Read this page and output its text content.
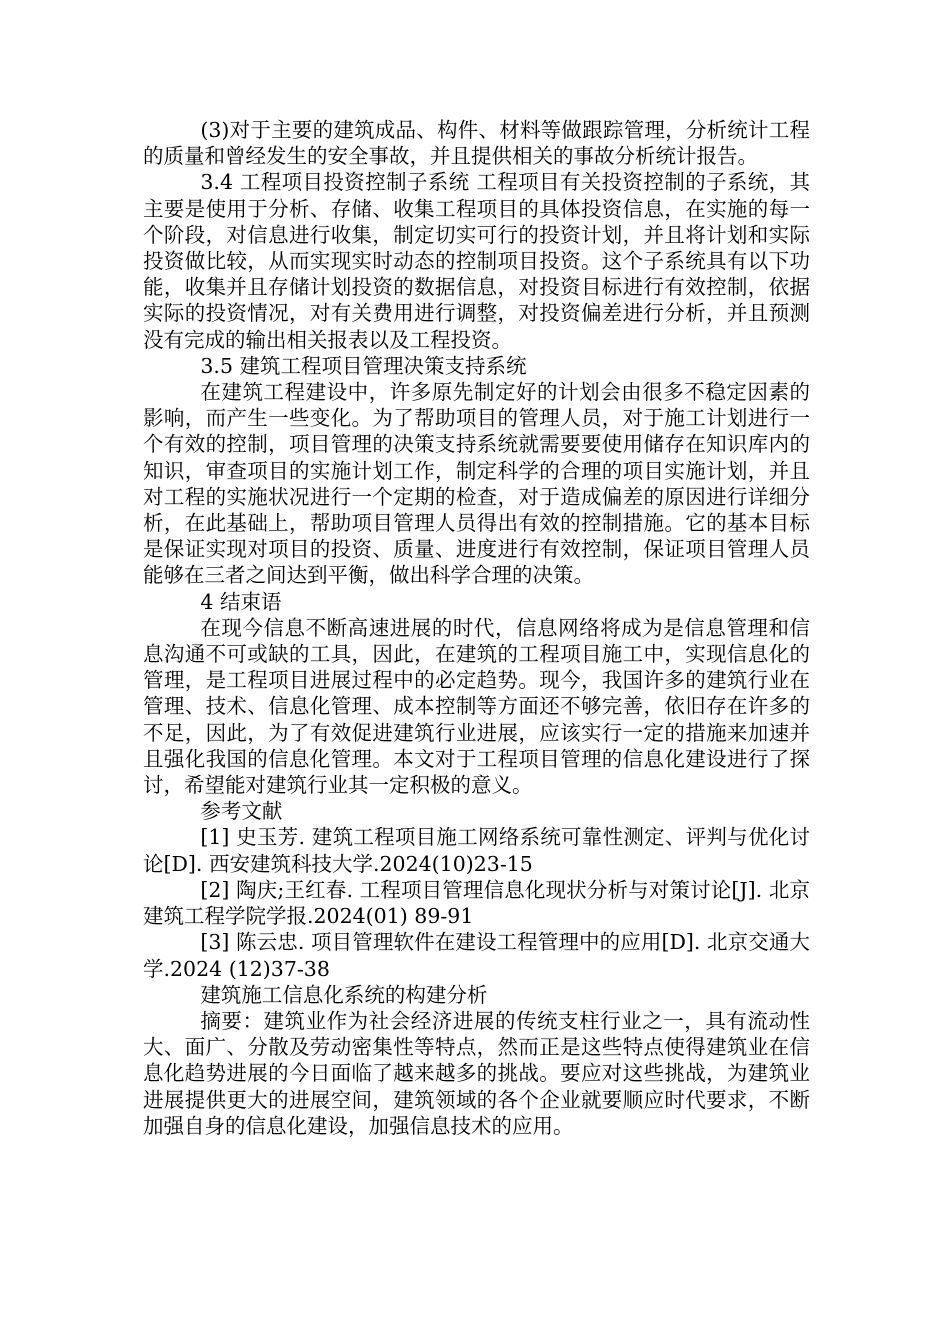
(3)对于主要的建筑成品、构件、材料等做跟踪管理，分析统计工程的质量和曾经发生的安全事故，并且提供相关的事故分析统计报告。

3.4 工程项目投资控制子系统 工程项目有关投资控制的子系统，其主要是使用于分析、存储、收集工程项目的具体投资信息，在实施的每一个阶段，对信息进行收集，制定切实可行的投资计划，并且将计划和实际投资做比较，从而实现实时动态的控制项目投资。这个子系统具有以下功能，收集并且存储计划投资的数据信息，对投资目标进行有效控制，依据实际的投资情况，对有关费用进行调整，对投资偏差进行分析，并且预测没有完成的输出相关报表以及工程投资。

3.5 建筑工程项目管理决策支持系统

在建筑工程建设中，许多原先制定好的计划会由很多不稳定因素的影响，而产生一些变化。为了帮助项目的管理人员，对于施工计划进行一个有效的控制，项目管理的决策支持系统就需要要使用储存在知识库内的知识，审查项目的实施计划工作，制定科学的合理的项目实施计划，并且对工程的实施状况进行一个定期的检查，对于造成偏差的原因进行详细分析，在此基础上，帮助项目管理人员得出有效的控制措施。它的基本目标是保证实现对项目的投资、质量、进度进行有效控制，保证项目管理人员能够在三者之间达到平衡，做出科学合理的决策。

4 结束语

在现今信息不断高速进展的时代，信息网络将成为是信息管理和信息沟通不可或缺的工具，因此，在建筑的工程项目施工中，实现信息化的管理，是工程项目进展过程中的必定趋势。现今，我国许多的建筑行业在管理、技术、信息化管理、成本控制等方面还不够完善，依旧存在许多的不足，因此，为了有效促进建筑行业进展，应该实行一定的措施来加速并且强化我国的信息化管理。本文对于工程项目管理的信息化建设进行了探讨，希望能对建筑行业其一定积极的意义。

参考文献

[1] 史玉芳. 建筑工程项目施工网络系统可靠性测定、评判与优化讨论[D]. 西安建筑科技大学.2024(10)23-15

[2] 陶庆;王红春. 工程项目管理信息化现状分析与对策讨论[J]. 北京建筑工程学院学报.2024(01) 89-91

[3] 陈云忠. 项目管理软件在建设工程管理中的应用[D]. 北京交通大学.2024 (12)37-38

建筑施工信息化系统的构建分析

摘要：建筑业作为社会经济进展的传统支柱行业之一，具有流动性大、面广、分散及劳动密集性等特点，然而正是这些特点使得建筑业在信息化趋势进展的今日面临了越来越多的挑战。要应对这些挑战，为建筑业进展提供更大的进展空间，建筑领域的各个企业就要顺应时代要求，不断加强自身的信息化建设，加强信息技术的应用。
